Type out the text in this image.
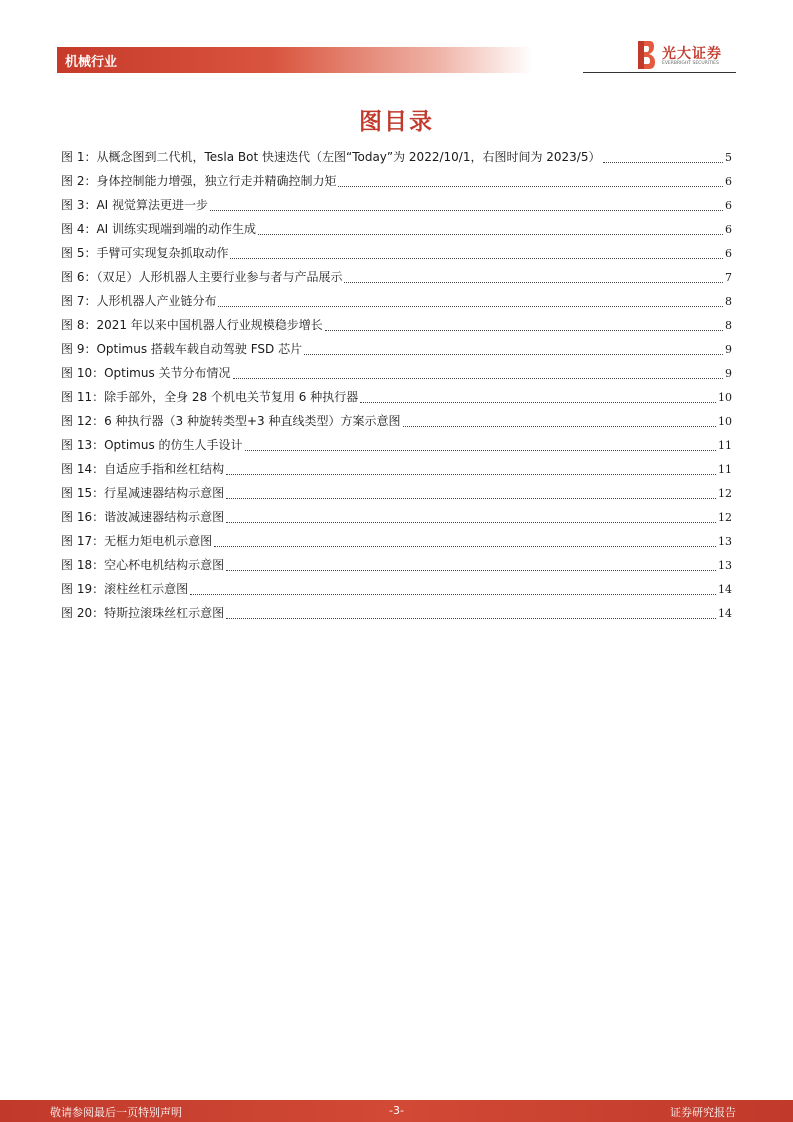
机械行业
光大证券
EVERBRIGHT SECURITIES
图目录
图 1：从概念图到二代机，Tesla Bot 快速迭代（左图“Today”为 2022/10/1，右图时间为 2023/5）	5
图 2：身体控制能力增强，独立行走并精确控制力矩	6
图 3：AI 视觉算法更进一步	6
图 4：AI 训练实现端到端的动作生成	6
图 5：手臂可实现复杂抓取动作	6
图 6：（双足）人形机器人主要行业参与者与产品展示	7
图 7：人形机器人产业链分布	8
图 8：2021 年以来中国机器人行业规模稳步增长	8
图 9：Optimus 搭载车载自动驾驶 FSD 芯片	9
图 10：Optimus 关节分布情况	9
图 11：除手部外，全身 28 个机电关节复用 6 种执行器	10
图 12：6 种执行器（3 种旋转类型+3 种直线类型）方案示意图	10
图 13：Optimus 的仿生人手设计	11
图 14：自适应手指和丝杠结构	11
图 15：行星减速器结构示意图	12
图 16：谐波减速器结构示意图	12
图 17：无框力矩电机示意图	13
图 18：空心杯电机结构示意图	13
图 19：滚柱丝杠示意图	14
图 20：特斯拉滚珠丝杠示意图	14
敬请参阅最后一页特别声明	-3-	证券研究报告
